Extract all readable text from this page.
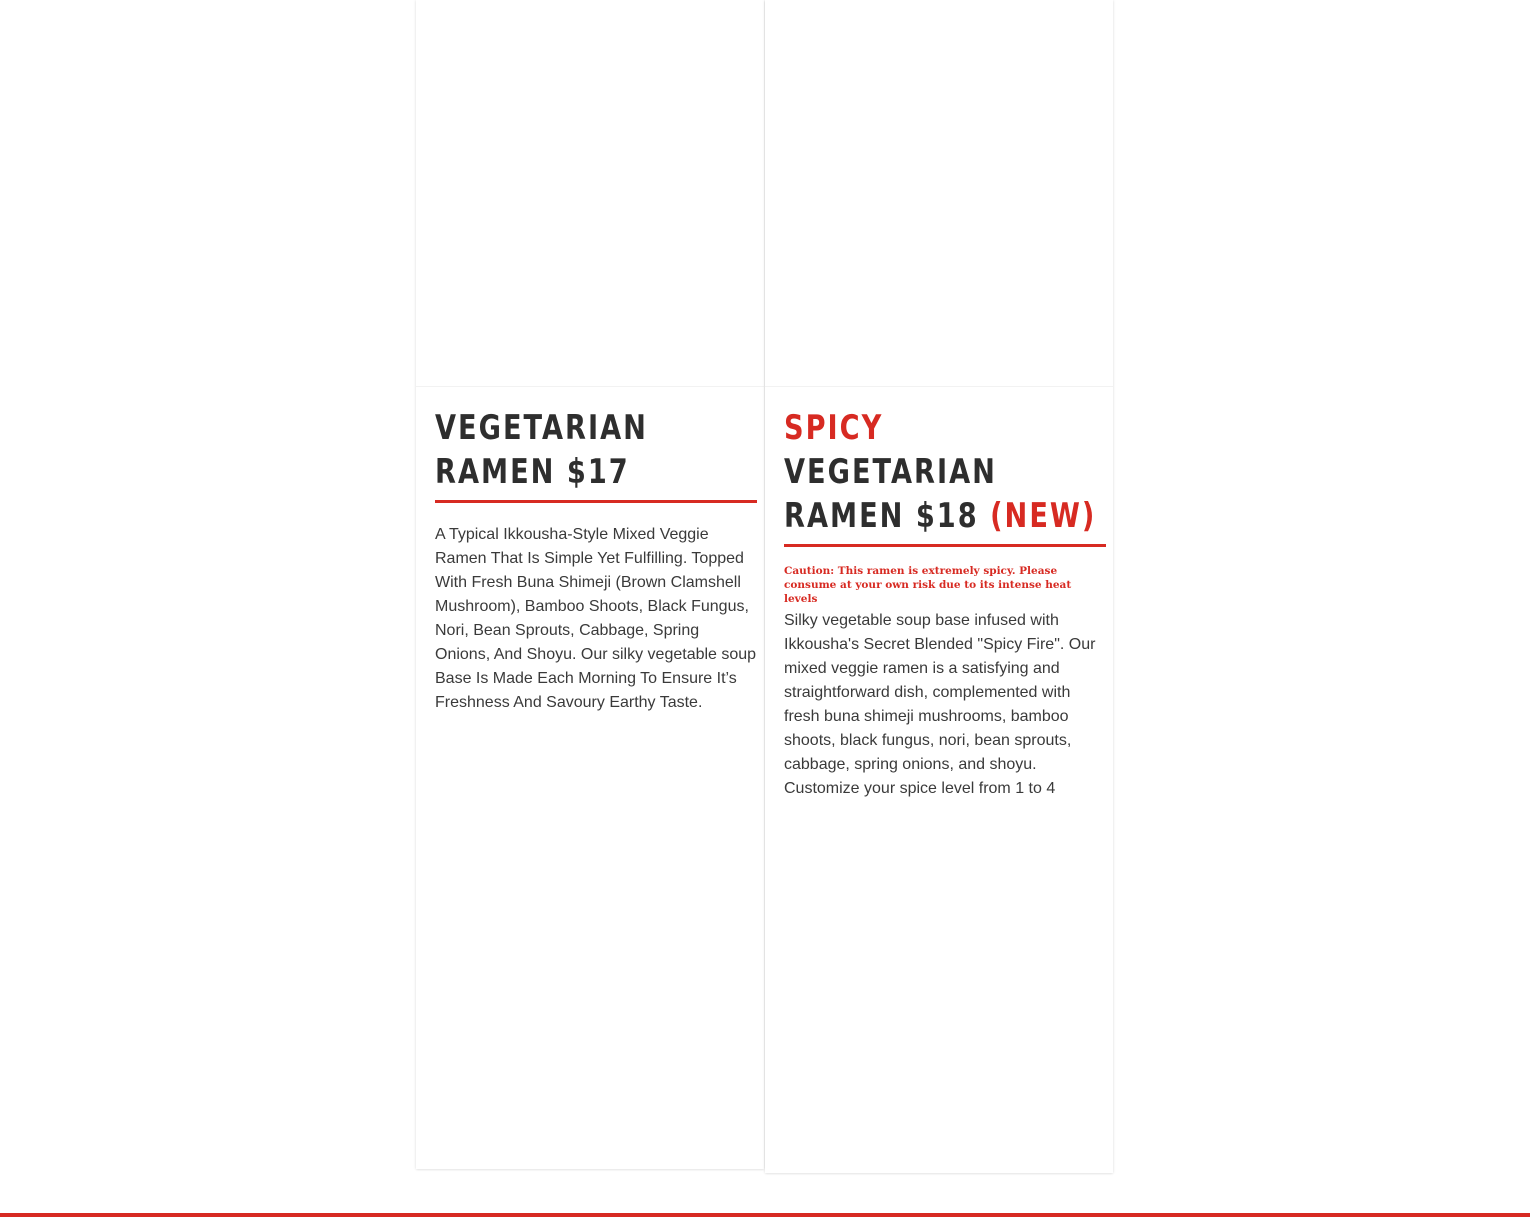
VEGETARIAN RAMEN $17

A Typical Ikkousha-Style Mixed Veggie Ramen That Is Simple Yet Fulfilling. Topped With Fresh Buna Shimeji (Brown Clamshell Mushroom), Bamboo Shoots, Black Fungus, Nori, Bean Sprouts, Cabbage, Spring Onions, And Shoyu. Our silky vegetable soup Base Is Made Each Morning To Ensure It’s Freshness And Savoury Earthy Taste.

SPICY VEGETARIAN RAMEN $18 (NEW)

Caution: This ramen is extremely spicy. Please consume at your own risk due to its intense heat levels

Silky vegetable soup base infused with Ikkousha's Secret Blended "Spicy Fire". Our mixed veggie ramen is a satisfying and straightforward dish, complemented with fresh buna shimeji mushrooms, bamboo shoots, black fungus, nori, bean sprouts, cabbage, spring onions, and shoyu. Customize your spice level from 1 to 4
